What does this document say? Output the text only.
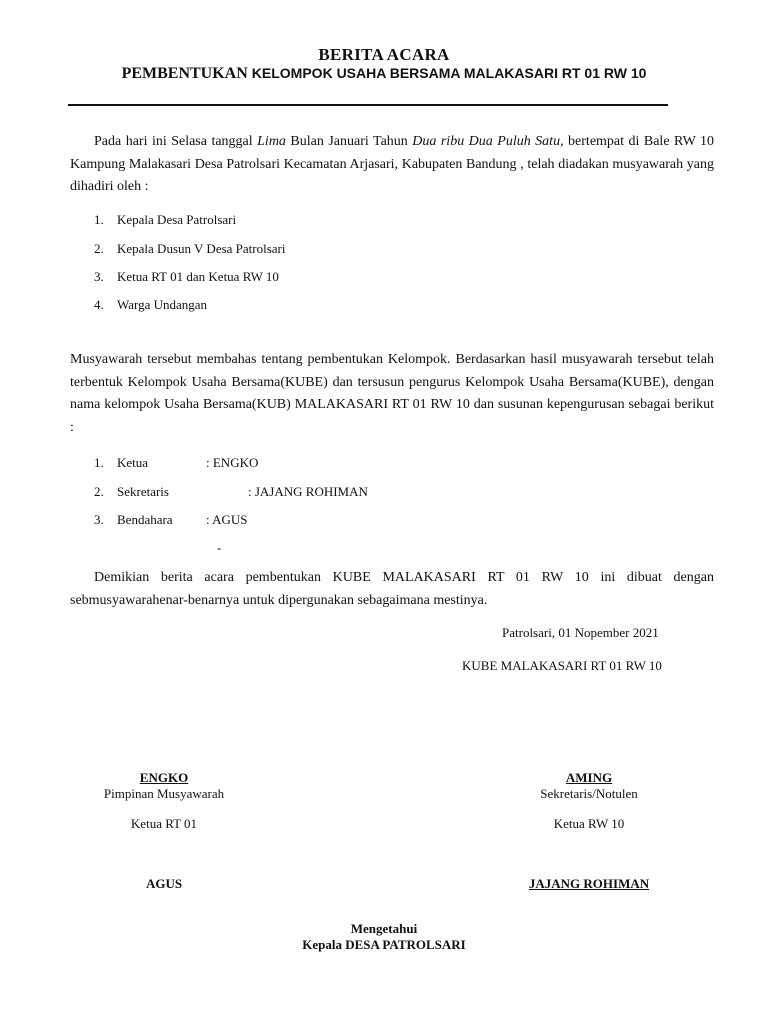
BERITA ACARA
PEMBENTUKAN KELOMPOK USAHA BERSAMA MALAKASARI RT 01 RW 10
Pada hari ini Selasa tanggal Lima Bulan Januari Tahun Dua ribu Dua Puluh Satu, bertempat di Bale RW 10 Kampung Malakasari Desa Patrolsari Kecamatan Arjasari, Kabupaten Bandung , telah diadakan musyawarah yang dihadiri oleh :
1. Kepala Desa Patrolsari
2. Kepala Dusun V Desa Patrolsari
3. Ketua RT 01 dan Ketua RW 10
4. Warga Undangan
Musyawarah tersebut membahas tentang pembentukan Kelompok. Berdasarkan hasil musyawarah tersebut telah terbentuk Kelompok Usaha Bersama(KUBE) dan tersusun pengurus Kelompok Usaha Bersama(KUBE), dengan nama kelompok Usaha Bersama(KUB) MALAKASARI RT 01 RW 10 dan susunan kepengurusan sebagai berikut :
1. Ketua	: ENGKO
2. Sekretaris	: JAJANG ROHIMAN
3. Bendahara	: AGUS
-
Demikian berita acara pembentukan KUBE MALAKASARI RT 01 RW 10 ini dibuat dengan sebmusyawarahenar-benarnya untuk dipergunakan sebagaimana mestinya.
Patrolsari, 01 Nopember 2021
KUBE MALAKASARI RT 01 RW 10
ENGKO
Pimpinan Musyawarah
AMING
Sekretaris/Notulen
Ketua RT 01	Ketua RW 10
AGUS	JAJANG ROHIMAN
Mengetahui
Kepala DESA PATROLSARI
